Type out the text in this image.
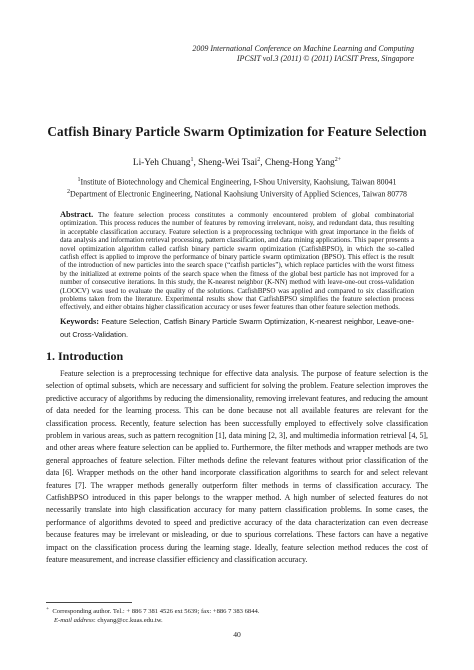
2009 International Conference on Machine Learning and Computing
IPCSIT vol.3 (2011) © (2011) IACSIT Press, Singapore
Catfish Binary Particle Swarm Optimization for Feature Selection
Li-Yeh Chuang$^1$, Sheng-Wei Tsai$^2$, Cheng-Hong Yang$^{2+}$
$^1$Institute of Biotechnology and Chemical Engineering, I-Shou University, Kaohsiung, Taiwan 80041
$^2$Department of Electronic Engineering, National Kaohsiung University of Applied Sciences, Taiwan 80778
Abstract. The feature selection process constitutes a commonly encountered problem of global combinatorial optimization. This process reduces the number of features by removing irrelevant, noisy, and redundant data, thus resulting in acceptable classification accuracy. Feature selection is a preprocessing technique with great importance in the fields of data analysis and information retrieval processing, pattern classification, and data mining applications. This paper presents a novel optimization algorithm called catfish binary particle swarm optimization (CatfishBPSO), in which the so-called catfish effect is applied to improve the performance of binary particle swarm optimization (BPSO). This effect is the result of the introduction of new particles into the search space (“catfish particles”), which replace particles with the worst fitness by the initialized at extreme points of the search space when the fitness of the global best particle has not improved for a number of consecutive iterations. In this study, the K-nearest neighbor (K-NN) method with leave-one-out cross-validation (LOOCV) was used to evaluate the quality of the solutions. CatfishBPSO was applied and compared to six classification problems taken from the literature. Experimental results show that CatfishBPSO simplifies the feature selection process effectively, and either obtains higher classification accuracy or uses fewer features than other feature selection methods.
Keywords: Feature Selection, Catfish Binary Particle Swarm Optimization, K-nearest neighbor, Leave-one-out Cross-Validation.
1. Introduction

Feature selection is a preprocessing technique for effective data analysis. The purpose of feature selection is the selection of optimal subsets, which are necessary and sufficient for solving the problem. Feature selection improves the predictive accuracy of algorithms by reducing the dimensionality, removing irrelevant features, and reducing the amount of data needed for the learning process. This can be done because not all available features are relevant for the classification process. Recently, feature selection has been successfully employed to effectively solve classification problem in various areas, such as pattern recognition [1], data mining [2, 3], and multimedia information retrieval [4, 5], and other areas where feature selection can be applied to. Furthermore, the filter methods and wrapper methods are two general approaches of feature selection. Filter methods define the relevant features without prior classification of the data [6]. Wrapper methods on the other hand incorporate classification algorithms to search for and select relevant features [7]. The wrapper methods generally outperform filter methods in terms of classification accuracy. The CatfishBPSO introduced in this paper belongs to the wrapper method. A high number of selected features do not necessarily translate into high classification accuracy for many pattern classification problems. In some cases, the performance of algorithms devoted to speed and predictive accuracy of the data characterization can even decrease because features may be irrelevant or misleading, or due to spurious correlations. These factors can have a negative impact on the classification process during the learning stage. Ideally, feature selection method reduces the cost of feature measurement, and increase classifier efficiency and classification accuracy.

+ Corresponding author. Tel.: + 886 7 381 4526 ext 5639; fax: +886 7 383 6844.
E-mail address: chyang@cc.kuas.edu.tw.
40
